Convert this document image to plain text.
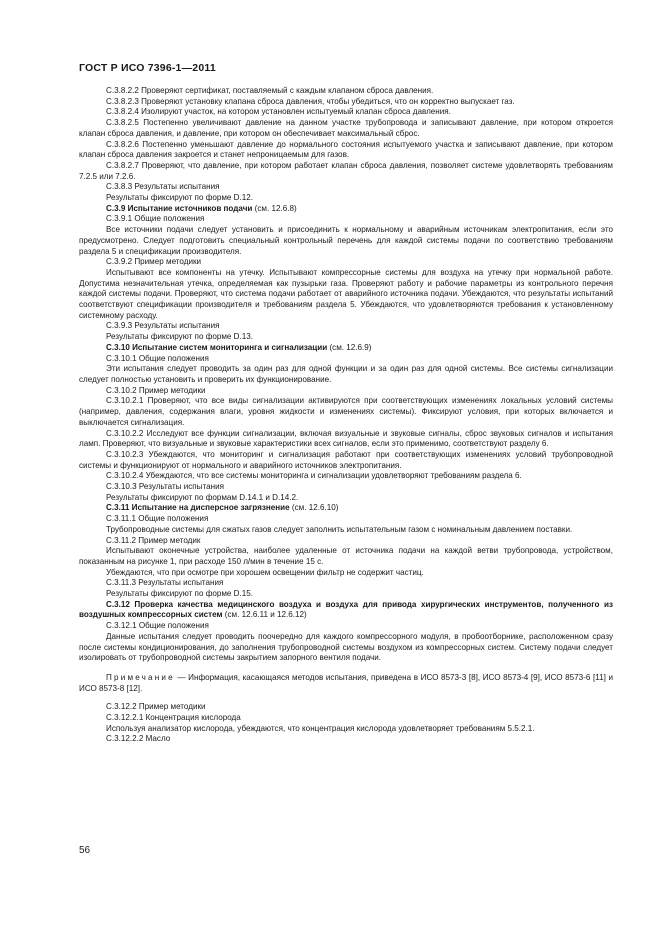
ГОСТ Р ИСО 7396-1—2011

С.3.8.2.2 Проверяют сертификат, поставляемый с каждым клапаном сброса давления.

С.3.8.2.3 Проверяют установку клапана сброса давления, чтобы убедиться, что он корректно выпускает газ.

С.3.8.2.4 Изолируют участок, на котором установлен испытуемый клапан сброса давления.

С.3.8.2.5 Постепенно увеличивают давление на данном участке трубопровода и записывают давление, при котором откроется клапан сброса давления, и давление, при котором он обеспечивает максимальный сброс.

С.3.8.2.6 Постепенно уменьшают давление до нормального состояния испытуемого участка и записывают давление, при котором клапан сброса давления закроется и станет непроницаемым для газов.

С.3.8.2.7 Проверяют, что давление, при котором работает клапан сброса давления, позволяет системе удовлетворять требованиям 7.2.5 или 7.2.6.

С.3.8.3 Результаты испытания

Результаты фиксируют по форме D.12.

С.3.9 Испытание источников подачи (см. 12.6.8)

С.3.9.1 Общие положения

Все источники подачи следует установить и присоединить к нормальному и аварийным источникам электропитания, если это предусмотрено. Следует подготовить специальный контрольный перечень для каждой системы подачи по соответствию требованиям раздела 5 и спецификации производителя.

С.3.9.2 Пример методики

Испытывают все компоненты на утечку. Испытывают компрессорные системы для воздуха на утечку при нормальной работе. Допустима незначительная утечка, определяемая как пузырьки газа. Проверяют работу и рабочие параметры из контрольного перечня каждой системы подачи. Проверяют, что система подачи работает от аварийного источника подачи. Убеждаются, что результаты испытаний соответствуют спецификации производителя и требованиям раздела 5. Убеждаются, что удовлетворяются требования к установленному системному расходу.

С.3.9.3 Результаты испытания

Результаты фиксируют по форме D.13.

С.3.10 Испытание систем мониторинга и сигнализации (см. 12.6.9)

С.3.10.1 Общие положения

Эти испытания следует проводить за один раз для одной функции и за один раз для одной системы. Все системы сигнализации следует полностью установить и проверить их функционирование.

С.3.10.2 Пример методики

С.3.10.2.1 Проверяют, что все виды сигнализации активируются при соответствующих изменениях локальных условий системы (например, давления, содержания влаги, уровня жидкости и изменениях системы). Фиксируют условия, при которых включается и выключается сигнализация.

С.3.10.2.2 Исследуют все функции сигнализации, включая визуальные и звуковые сигналы, сброс звуковых сигналов и испытания ламп. Проверяют, что визуальные и звуковые характеристики всех сигналов, если это применимо, соответствуют разделу 6.

С.3.10.2.3 Убеждаются, что мониторинг и сигнализация работают при соответствующих изменениях условий трубопроводной системы и функционируют от нормального и аварийного источников электропитания.

С.3.10.2.4 Убеждаются, что все системы мониторинга и сигнализации удовлетворяют требованиям раздела 6.

С.3.10.3 Результаты испытания

Результаты фиксируют по формам D.14.1 и D.14.2.

С.3.11 Испытание на дисперсное загрязнение (см. 12.6.10)

С.3.11.1 Общие положения

Трубопроводные системы для сжатых газов следует заполнить испытательным газом с номинальным давлением поставки.

С.3.11.2 Пример методик

Испытывают оконечные устройства, наиболее удаленные от источника подачи на каждой ветви трубопровода, устройством, показанным на рисунке 1, при расходе 150 л/мин в течение 15 с.

Убеждаются, что при осмотре при хорошем освещении фильтр не содержит частиц.

С.3.11.3 Результаты испытания

Результаты фиксируют по форме D.15.

С.3.12 Проверка качества медицинского воздуха и воздуха для привода хирургических инструментов, полученного из воздушных компрессорных систем (см. 12.6.11 и 12.6.12)

С.3.12.1 Общие положения

Данные испытания следует проводить поочередно для каждого компрессорного модуля, в пробоотборнике, расположенном сразу после системы кондиционирования, до заполнения трубопроводной системы воздухом из компрессорных систем. Систему подачи следует изолировать от трубопроводной системы закрытием запорного вентиля подачи.

Примечание — Информация, касающаяся методов испытания, приведена в ИСО 8573-3 [8], ИСО 8573-4 [9], ИСО 8573-6 [11] и ИСО 8573-8 [12].

С.3.12.2 Пример методики

С.3.12.2.1 Концентрация кислорода

Используя анализатор кислорода, убеждаются, что концентрация кислорода удовлетворяет требованиям 5.5.2.1.

С.3.12.2.2 Масло

56
